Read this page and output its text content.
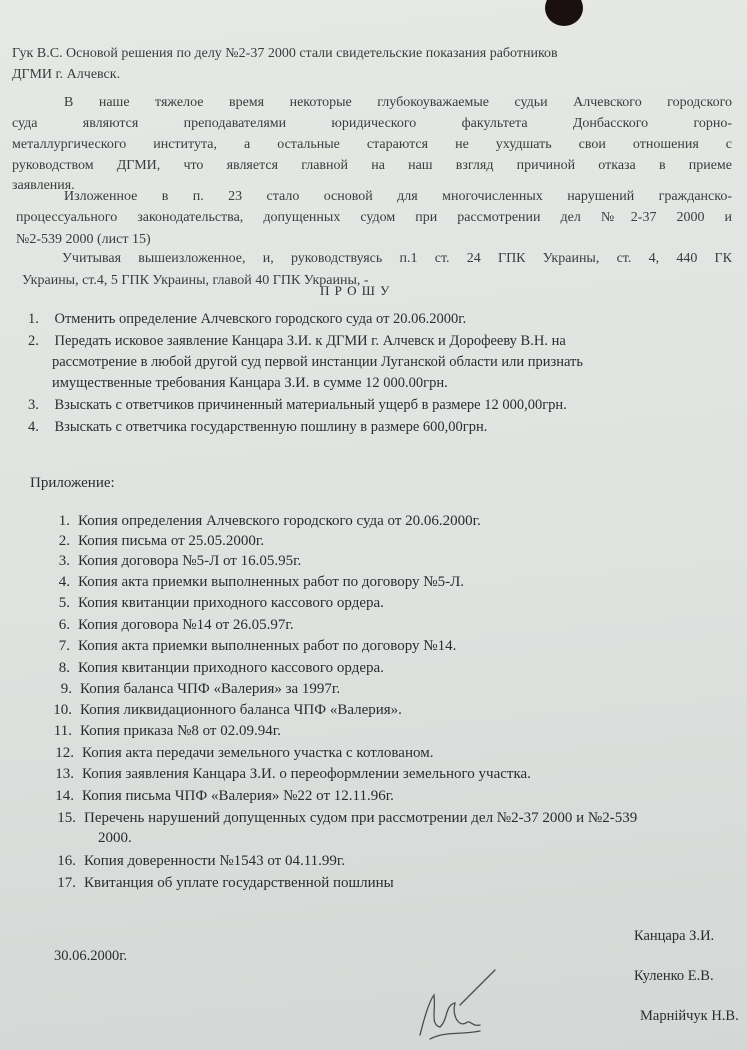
Гук В.С. Основой решения по делу №2-37 2000 стали свидетельские показания работников
ДГМИ г. Алчевск.
В наше тяжелое время некоторые глубокоуважаемые судьи Алчевского городского
суда являются преподавателями юридического факультета Донбасского горно-
металлургического института, а остальные стараются не ухудшать свои отношения с
руководством ДГМИ, что является главной на наш взгляд причиной отказа в приеме
заявления.
Изложенное в п. 23 стало основой для многочисленных нарушений гражданско-
процессуального законодательства, допущенных судом при рассмотрении дел №2-37 2000 и
№2-539 2000 (лист 15)
Учитывая вышеизложенное, и, руководствуясь п.1 ст. 24 ГПК Украины, ст. 4, 440 ГК
Украины, ст.4, 5 ГПК Украины, главой 40 ГПК Украины, -
П Р О Ш У
1. Отменить определение Алчевского городского суда от 20.06.2000г.
2. Передать исковое заявление Канцара З.И. к ДГМИ г. Алчевск и Дорофееву В.Н. на
рассмотрение в любой другой суд первой инстанции Луганской области или признать
имущественные требования Канцара З.И. в сумме 12 000.00грн.
3. Взыскать с ответчиков причиненный материальный ущерб в размере 12 000,00грн.
4. Взыскать с ответчика государственную пошлину в размере 600,00грн.
Приложение:
1. Копия определения Алчевского городского суда от 20.06.2000г.
2. Копия письма от 25.05.2000г.
3. Копия договора №5-Л от 16.05.95г.
4. Копия акта приемки выполненных работ по договору №5-Л.
5. Копия квитанции приходного кассового ордера.
6. Копия договора №14 от 26.05.97г.
7. Копия акта приемки выполненных работ по договору №14.
8. Копия квитанции приходного кассового ордера.
9. Копия баланса ЧПФ «Валерия» за 1997г.
10. Копия ликвидационного баланса ЧПФ «Валерия».
11. Копия приказа №8 от 02.09.94г.
12. Копия акта передачи земельного участка с котлованом.
13. Копия заявления Канцара З.И. о переоформлении земельного участка.
14. Копия письма ЧПФ «Валерия» №22 от 12.11.96г.
15. Перечень нарушений допущенных судом при рассмотрении дел №2-37 2000 и №2-539
2000.
16. Копия доверенности №1543 от 04.11.99г.
17. Квитанция об уплате государственной пошлины
30.06.2000г.
Канцара З.И.
Куленко Е.В.
Марнійчук Н.В.
